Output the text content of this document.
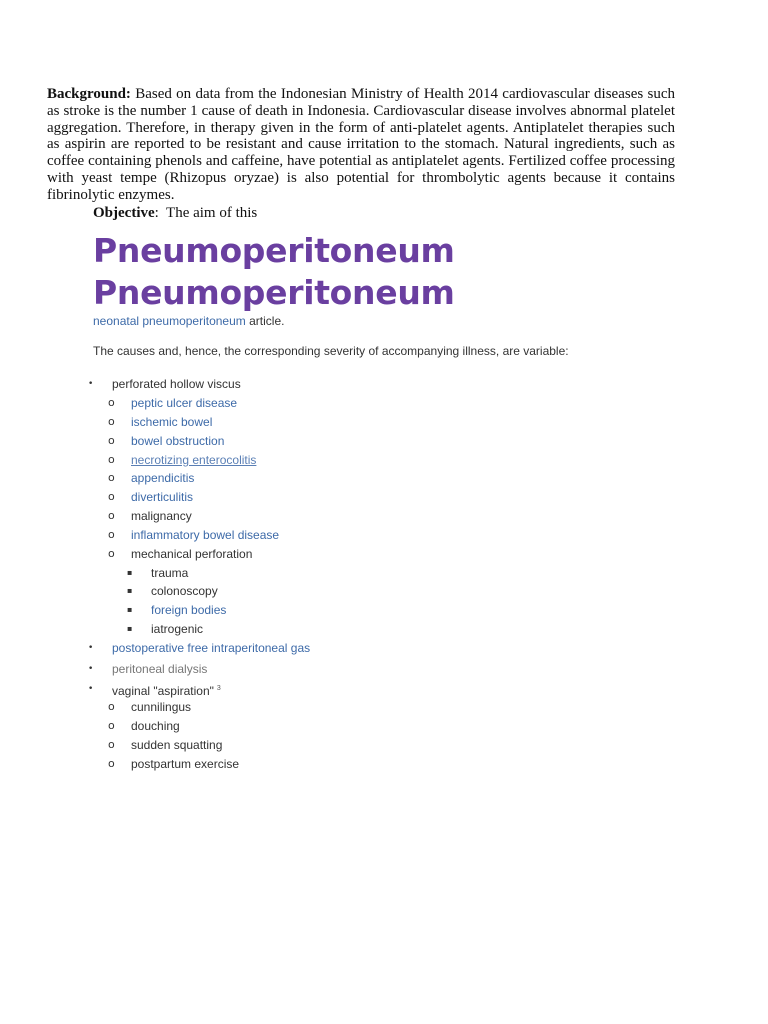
Background: Based on data from the Indonesian Ministry of Health 2014 cardiovascular diseases such as stroke is the number 1 cause of death in Indonesia. Cardiovascular disease involves abnormal platelet aggregation. Therefore, in therapy given in the form of anti-platelet agents. Antiplatelet therapies such as aspirin are reported to be resistant and cause irritation to the stomach. Natural ingredients, such as coffee containing phenols and caffeine, have potential as antiplatelet agents. Fertilized coffee processing with yeast tempe (Rhizopus oryzae) is also potential for thrombolytic agents because it contains fibrinolytic enzymes.

Objective:  The aim of this

Pneumoperitoneum
Pneumoperitoneum

neonatal pneumoperitoneum article.

The causes and, hence, the corresponding severity of accompanying illness, are variable:

• perforated hollow viscus
o peptic ulcer disease
o ischemic bowel
o bowel obstruction
o necrotizing enterocolitis
o appendicitis
o diverticulitis
o malignancy
o inflammatory bowel disease
o mechanical perforation
▪ trauma
▪ colonoscopy
▪ foreign bodies
▪ iatrogenic
• postoperative free intraperitoneal gas
• peritoneal dialysis
• vaginal "aspiration" $^3$
o cunnilingus
o douching
o sudden squatting
o postpartum exercise
